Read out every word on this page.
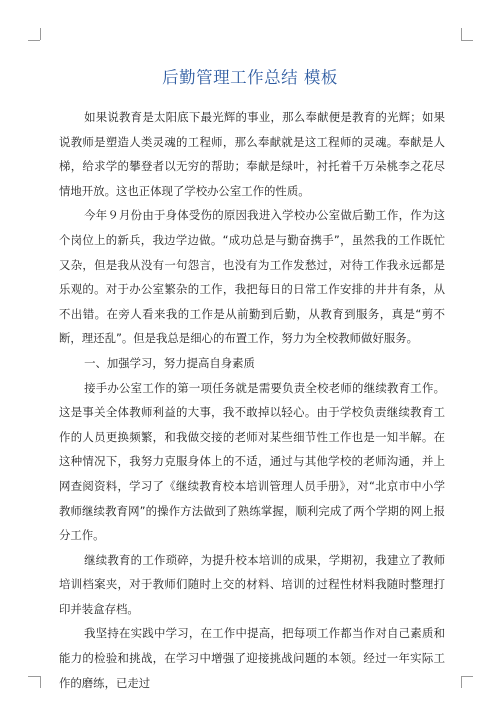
后勤管理工作总结 模板

如果说教育是太阳底下最光辉的事业，那么奉献便是教育的光辉；如果说教师是塑造人类灵魂的工程师，那么奉献就是这工程师的灵魂。奉献是人梯，给求学的攀登者以无穷的帮助；奉献是绿叶，衬托着千万朵桃李之花尽情地开放。这也正体现了学校办公室工作的性质。

今年９月份由于身体受伤的原因我进入学校办公室做后勤工作，作为这个岗位上的新兵，我边学边做。“成功总是与勤奋携手”，虽然我的工作既忙又杂，但是我从没有一句怨言，也没有为工作发愁过，对待工作我永远都是乐观的。对于办公室繁杂的工作，我把每日的日常工作安排的井井有条，从不出错。在旁人看来我的工作是从前勤到后勤，从教育到服务，真是“剪不断，理还乱”。但是我总是细心的布置工作，努力为全校教师做好服务。

一、加强学习，努力提高自身素质

接手办公室工作的第一项任务就是需要负责全校老师的继续教育工作。这是事关全体教师利益的大事，我不敢掉以轻心。由于学校负责继续教育工作的人员更换频繁，和我做交接的老师对某些细节性工作也是一知半解。在这种情况下，我努力克服身体上的不适，通过与其他学校的老师沟通，并上网查阅资料，学习了《继续教育校本培训管理人员手册》，对“北京市中小学教师继续教育网”的操作方法做到了熟练掌握，顺利完成了两个学期的网上报分工作。

继续教育的工作琐碎，为提升校本培训的成果，学期初，我建立了教师培训档案夹，对于教师们随时上交的材料、培训的过程性材料我随时整理打印并装盒存档。

我坚持在实践中学习，在工作中提高，把每项工作都当作对自己素质和能力的检验和挑战，在学习中增强了迎接挑战问题的本领。经过一年实际工作的磨练，已走过
